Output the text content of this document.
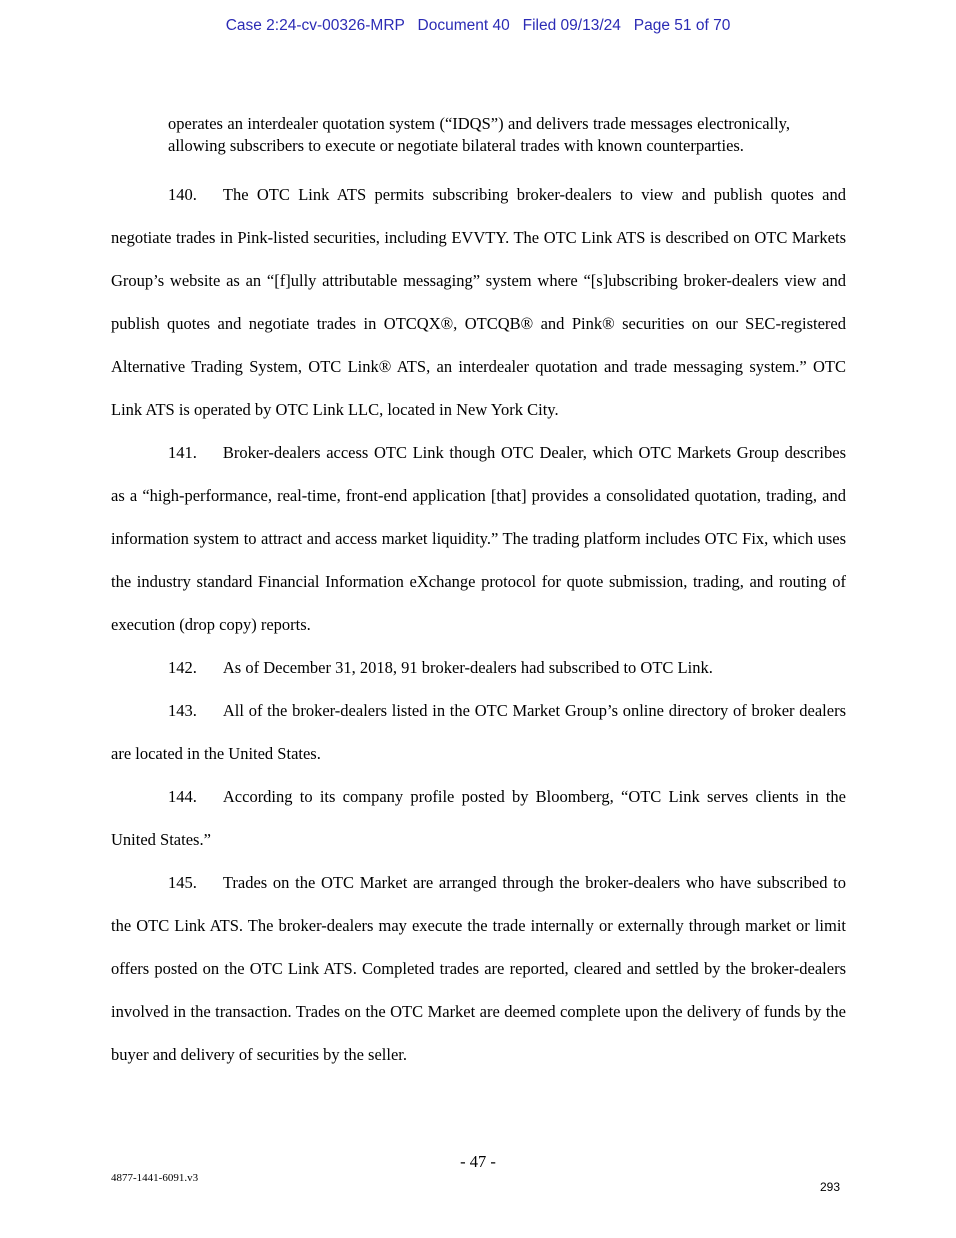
Case 2:24-cv-00326-MRP   Document 40   Filed 09/13/24   Page 51 of 70
operates an interdealer quotation system (“IDQS”) and delivers trade messages electronically, allowing subscribers to execute or negotiate bilateral trades with known counterparties.

140. The OTC Link ATS permits subscribing broker-dealers to view and publish quotes and negotiate trades in Pink-listed securities, including EVVTY. The OTC Link ATS is described on OTC Markets Group’s website as an “[f]ully attributable messaging” system where “[s]ubscribing broker-dealers view and publish quotes and negotiate trades in OTCQX®, OTCQB® and Pink® securities on our SEC-registered Alternative Trading System, OTC Link® ATS, an interdealer quotation and trade messaging system.” OTC Link ATS is operated by OTC Link LLC, located in New York City.

141. Broker-dealers access OTC Link though OTC Dealer, which OTC Markets Group describes as a “high-performance, real-time, front-end application [that] provides a consolidated quotation, trading, and information system to attract and access market liquidity.” The trading platform includes OTC Fix, which uses the industry standard Financial Information eXchange protocol for quote submission, trading, and routing of execution (drop copy) reports.

142. As of December 31, 2018, 91 broker-dealers had subscribed to OTC Link.

143. All of the broker-dealers listed in the OTC Market Group’s online directory of broker dealers are located in the United States.

144. According to its company profile posted by Bloomberg, “OTC Link serves clients in the United States.”

145. Trades on the OTC Market are arranged through the broker-dealers who have subscribed to the OTC Link ATS. The broker-dealers may execute the trade internally or externally through market or limit offers posted on the OTC Link ATS. Completed trades are reported, cleared and settled by the broker-dealers involved in the transaction. Trades on the OTC Market are deemed complete upon the delivery of funds by the buyer and delivery of securities by the seller.

- 47 -
4877-1441-6091.v3
293
